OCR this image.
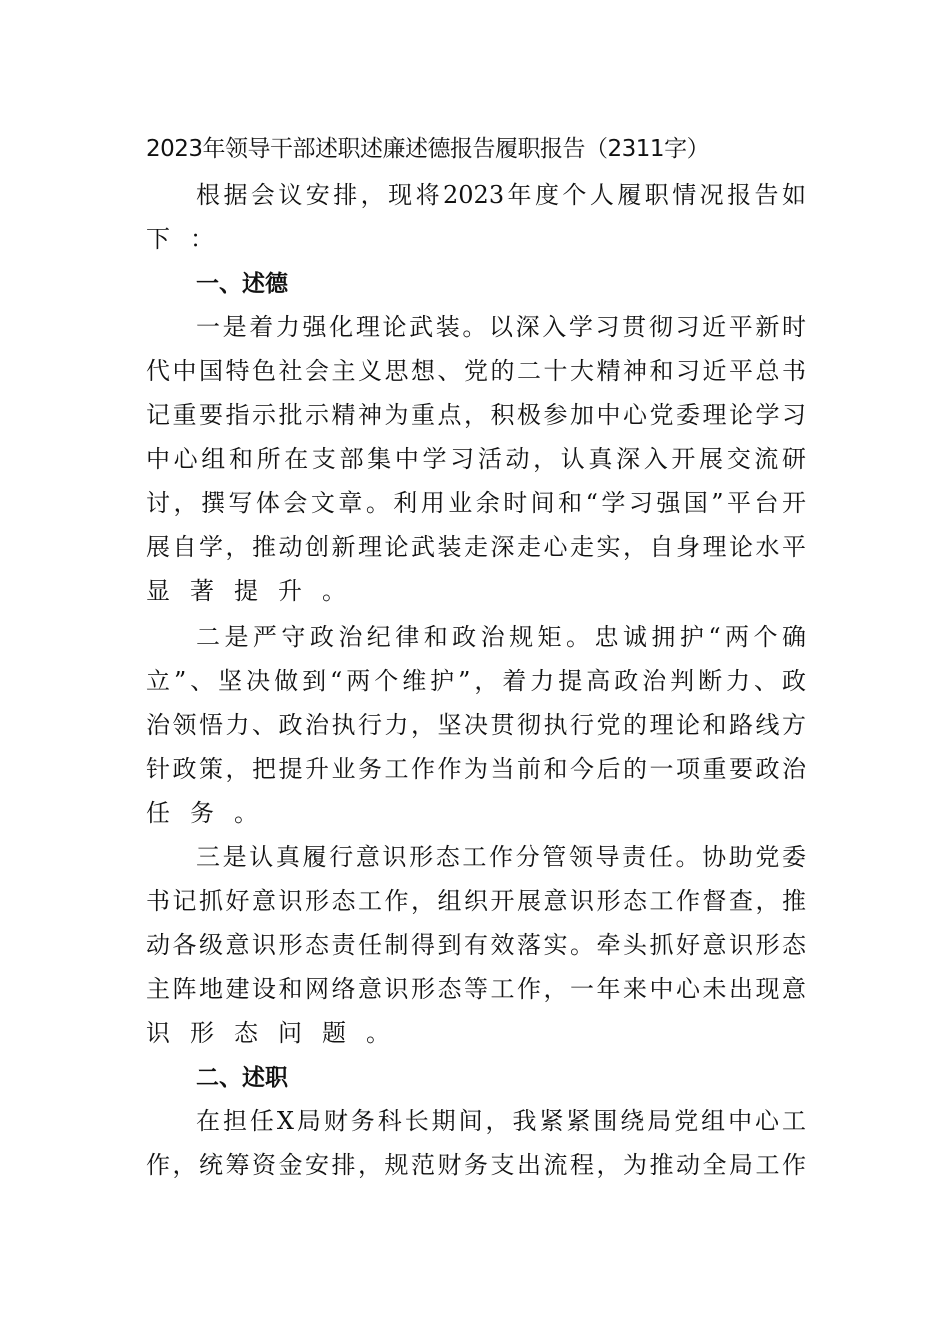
2023年领导干部述职述廉述德报告履职报告（2311字）
根据会议安排，现将2023年度个人履职情况报告如
下：
一、述德
一是着力强化理论武装。以深入学习贯彻习近平新时
代中国特色社会主义思想、党的二十大精神和习近平总书
记重要指示批示精神为重点，积极参加中心党委理论学习
中心组和所在支部集中学习活动，认真深入开展交流研
讨，撰写体会文章。利用业余时间和“学习强国”平台开
展自学，推动创新理论武装走深走心走实，自身理论水平
显著提升。
二是严守政治纪律和政治规矩。忠诚拥护“两个确
立”、坚决做到“两个维护”，着力提高政治判断力、政
治领悟力、政治执行力，坚决贯彻执行党的理论和路线方
针政策，把提升业务工作作为当前和今后的一项重要政治
任务。
三是认真履行意识形态工作分管领导责任。协助党委
书记抓好意识形态工作，组织开展意识形态工作督查，推
动各级意识形态责任制得到有效落实。牵头抓好意识形态
主阵地建设和网络意识形态等工作，一年来中心未出现意
识形态问题。
二、述职
在担任X局财务科长期间，我紧紧围绕局党组中心工
作，统筹资金安排，规范财务支出流程，为推动全局工作
